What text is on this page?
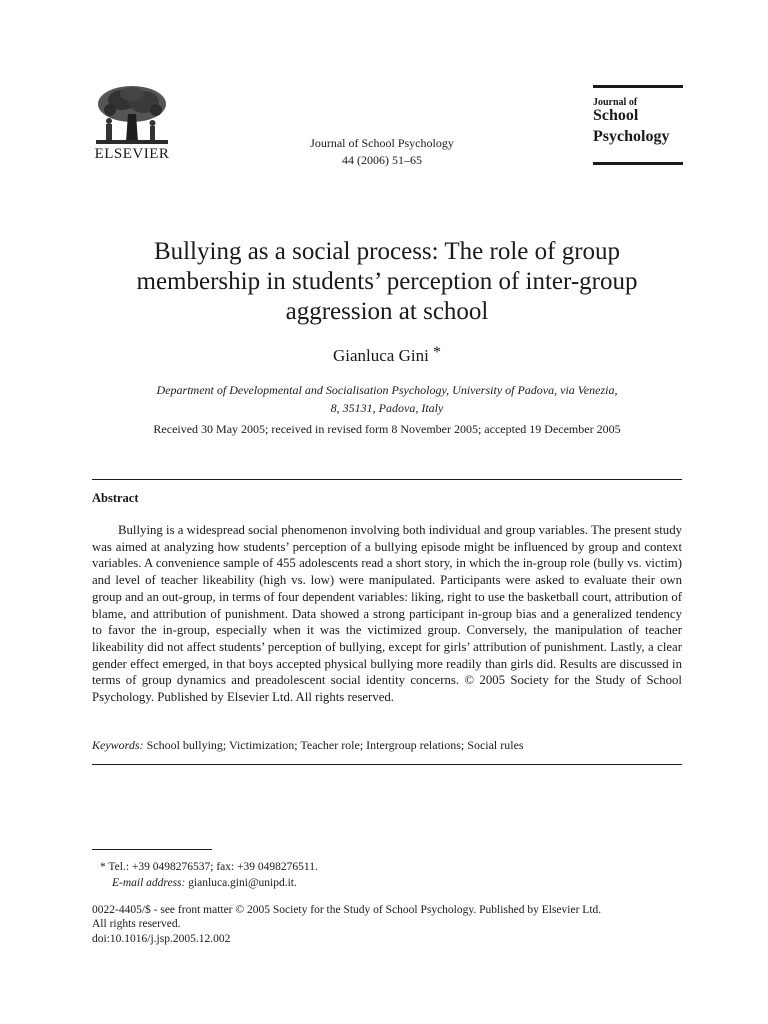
ELSEVIER
Journal of School Psychology
44 (2006) 51–65
Journal of
School
Psychology
Bullying as a social process: The role of group membership in students’ perception of inter-group aggression at school
Gianluca Gini *
Department of Developmental and Socialisation Psychology, University of Padova, via Venezia,
8, 35131, Padova, Italy
Received 30 May 2005; received in revised form 8 November 2005; accepted 19 December 2005
Abstract
Bullying is a widespread social phenomenon involving both individual and group variables. The present study was aimed at analyzing how students’ perception of a bullying episode might be influenced by group and context variables. A convenience sample of 455 adolescents read a short story, in which the in-group role (bully vs. victim) and level of teacher likeability (high vs. low) were manipulated. Participants were asked to evaluate their own group and an out-group, in terms of four dependent variables: liking, right to use the basketball court, attribution of blame, and attribution of punishment. Data showed a strong participant in-group bias and a generalized tendency to favor the in-group, especially when it was the victimized group. Conversely, the manipulation of teacher likeability did not affect students’ perception of bullying, except for girls’ attribution of punishment. Lastly, a clear gender effect emerged, in that boys accepted physical bullying more readily than girls did. Results are discussed in terms of group dynamics and preadolescent social identity concerns. © 2005 Society for the Study of School Psychology. Published by Elsevier Ltd. All rights reserved.
Keywords: School bullying; Victimization; Teacher role; Intergroup relations; Social rules
* Tel.: +39 0498276537; fax: +39 0498276511.
E-mail address: gianluca.gini@unipd.it.
0022-4405/$ - see front matter © 2005 Society for the Study of School Psychology. Published by Elsevier Ltd.
All rights reserved.
doi:10.1016/j.jsp.2005.12.002
